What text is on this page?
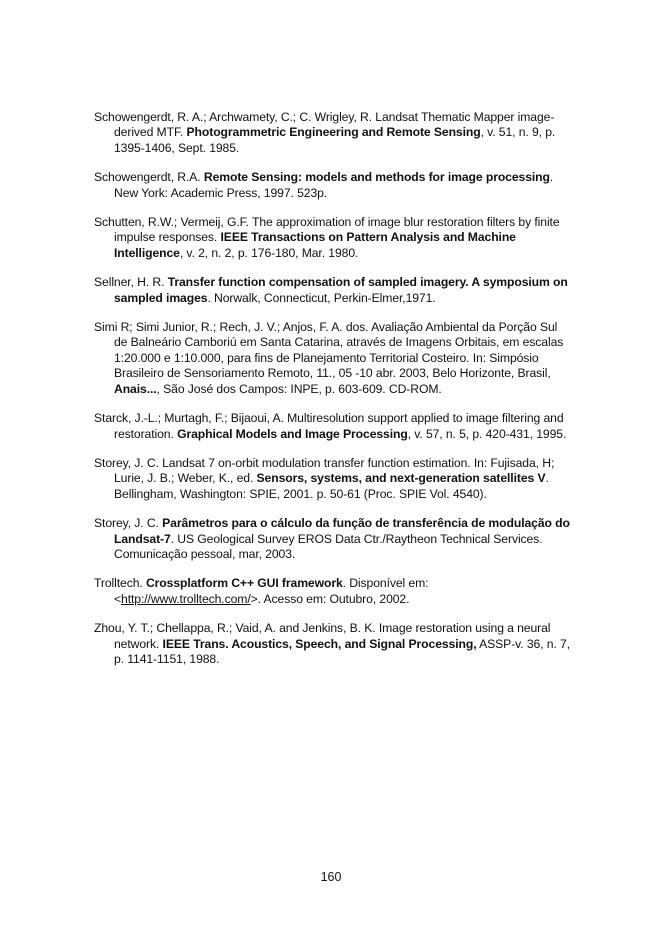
Schowengerdt, R. A.; Archwamety, C.; C. Wrigley, R. Landsat Thematic Mapper image-derived MTF. Photogrammetric Engineering and Remote Sensing, v. 51, n. 9, p. 1395-1406, Sept. 1985.

Schowengerdt, R.A. Remote Sensing: models and methods for image processing. New York: Academic Press, 1997. 523p.

Schutten, R.W.; Vermeij, G.F. The approximation of image blur restoration filters by finite impulse responses. IEEE Transactions on Pattern Analysis and Machine Intelligence, v. 2, n. 2, p. 176-180, Mar. 1980.

Sellner, H. R. Transfer function compensation of sampled imagery. A symposium on sampled images. Norwalk, Connecticut, Perkin-Elmer,1971.

Simi R; Simi Junior, R.; Rech, J. V.; Anjos, F. A. dos. Avaliação Ambiental da Porção Sul de Balneário Camboriú em Santa Catarina, através de Imagens Orbitais, em escalas 1:20.000 e 1:10.000, para fins de Planejamento Territorial Costeiro. In: Simpósio Brasileiro de Sensoriamento Remoto, 11., 05 -10 abr. 2003, Belo Horizonte, Brasil, Anais..., São José dos Campos: INPE, p. 603-609. CD-ROM.

Starck, J.-L.; Murtagh, F.; Bijaoui, A. Multiresolution support applied to image filtering and restoration. Graphical Models and Image Processing, v. 57, n. 5, p. 420-431, 1995.

Storey, J. C. Landsat 7 on-orbit modulation transfer function estimation. In: Fujisada, H; Lurie, J. B.; Weber, K., ed. Sensors, systems, and next-generation satellites V. Bellingham, Washington: SPIE, 2001. p. 50-61 (Proc. SPIE Vol. 4540).

Storey, J. C. Parâmetros para o cálculo da função de transferência de modulação do Landsat-7. US Geological Survey EROS Data Ctr./Raytheon Technical Services. Comunicação pessoal, mar, 2003.

Trolltech. Crossplatform C++ GUI framework. Disponível em: <http://www.trolltech.com/>. Acesso em: Outubro, 2002.

Zhou, Y. T.; Chellappa, R.; Vaid, A. and Jenkins, B. K. Image restoration using a neural network. IEEE Trans. Acoustics, Speech, and Signal Processing, ASSP-v. 36, n. 7, p. 1141-1151, 1988.

160
